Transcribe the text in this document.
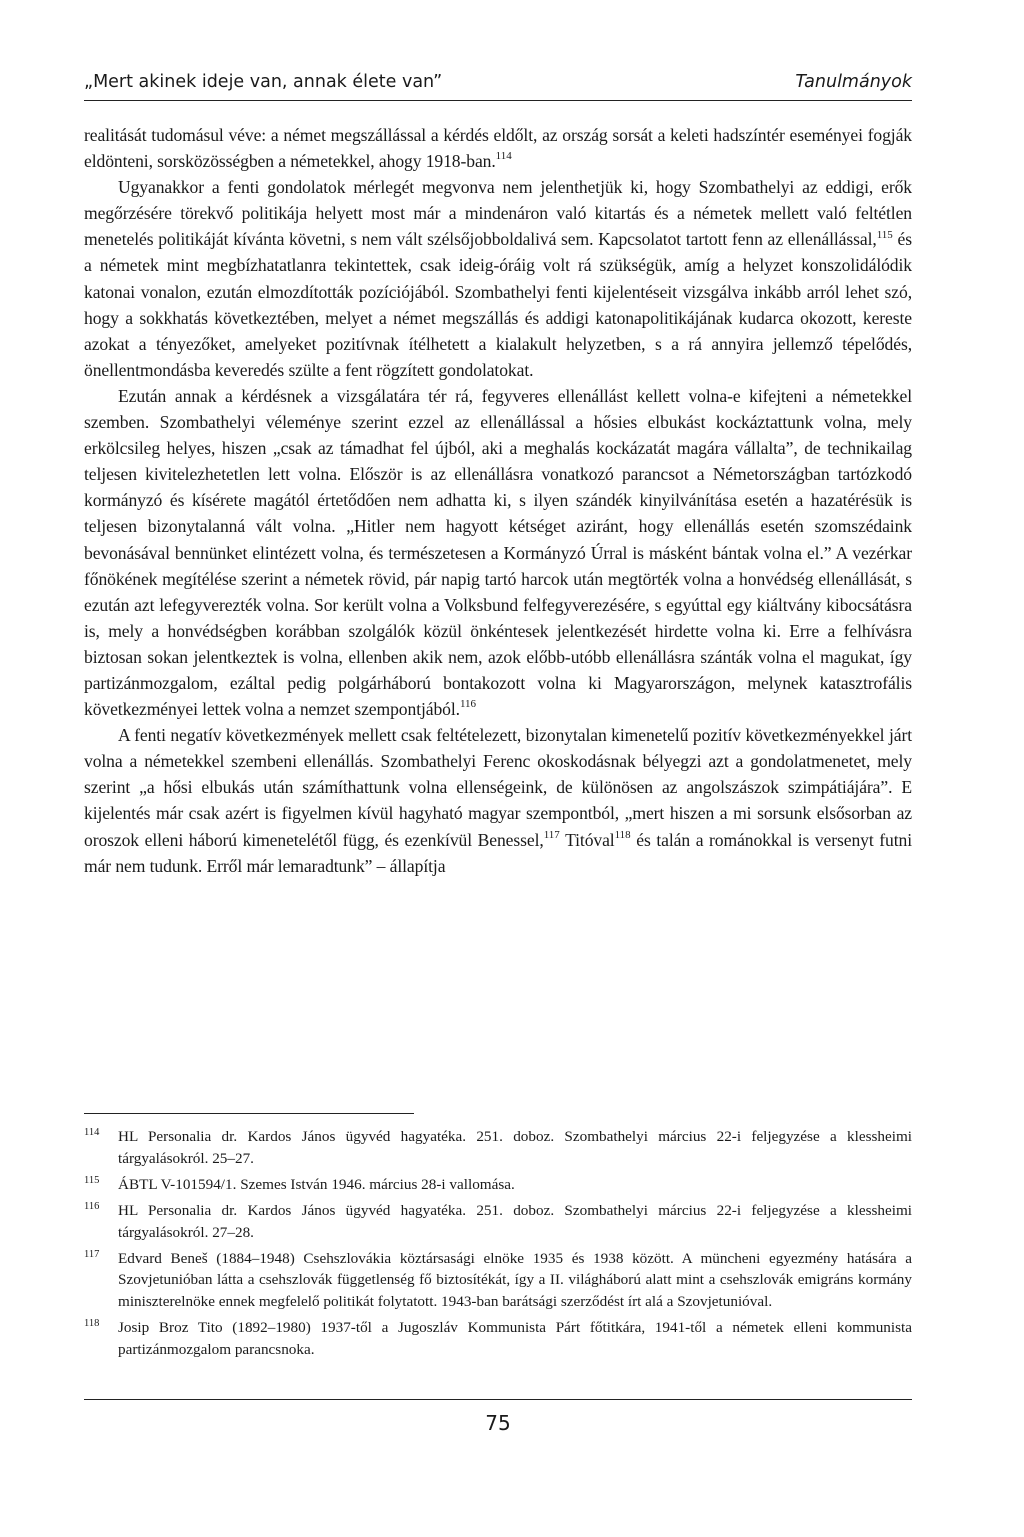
„Mert akinek ideje van, annak élete van”	Tanulmányok

realitását tudomásul véve: a német megszállással a kérdés eldőlt, az ország sorsát a keleti hadszíntér eseményei fogják eldönteni, sorsközösségben a németekkel, ahogy 1918-ban.$^{114}$

Ugyanakkor a fenti gondolatok mérlegét megvonva nem jelenthetjük ki, hogy Szombathelyi az eddigi, erők megőrzésére törekvő politikája helyett most már a mindenáron való kitartás és a németek mellett való feltétlen menetelés politikáját kívánta követni, s nem vált szélsőjobboldalivá sem. Kapcsolatot tartott fenn az ellenállással,$^{115}$ és a németek mint megbízhatatlanra tekintettek, csak ideig-óráig volt rá szükségük, amíg a helyzet konszolidálódik katonai vonalon, ezután elmozdították pozíciójából. Szombathelyi fenti kijelentéseit vizsgálva inkább arról lehet szó, hogy a sokkhatás következtében, melyet a német megszállás és addigi katonapolitikájának kudarca okozott, kereste azokat a tényezőket, amelyeket pozitívnak ítélhetett a kialakult helyzetben, s a rá annyira jellemző tépelődés, önellentmondásba keveredés szülte a fent rögzített gondolatokat.

Ezután annak a kérdésnek a vizsgálatára tér rá, fegyveres ellenállást kellett volna-e kifejteni a németekkel szemben. Szombathelyi véleménye szerint ezzel az ellenállással a hősies elbukást kockáztattunk volna, mely erkölcsileg helyes, hiszen „csak az támadhat fel újból, aki a meghalás kockázatát magára vállalta”, de technikailag teljesen kivitelezhetetlen lett volna. Először is az ellenállásra vonatkozó parancsot a Németországban tartózkodó kormányzó és kísérete magától értetődően nem adhatta ki, s ilyen szándék kinyilvánítása esetén a hazatérésük is teljesen bizonytalanná vált volna. „Hitler nem hagyott kétséget aziránt, hogy ellenállás esetén szomszédaink bevonásával bennünket elintézett volna, és természetesen a Kormányzó Úrral is másként bántak volna el.” A vezérkar főnökének megítélése szerint a németek rövid, pár napig tartó harcok után megtörték volna a honvédség ellenállását, s ezután azt lefegyverezték volna. Sor került volna a Volksbund felfegyverezésére, s egyúttal egy kiáltvány kibocsátásra is, mely a honvédségben korábban szolgálók közül önkéntesek jelentkezését hirdette volna ki. Erre a felhívásra biztosan sokan jelentkeztek is volna, ellenben akik nem, azok előbb-utóbb ellenállásra szánták volna el magukat, így partizánmozgalom, ezáltal pedig polgárháború bontakozott volna ki Magyarországon, melynek katasztrofális következményei lettek volna a nemzet szempontjából.$^{116}$

A fenti negatív következmények mellett csak feltételezett, bizonytalan kimenetelű pozitív következményekkel járt volna a németekkel szembeni ellenállás. Szombathelyi Ferenc okoskodásnak bélyegzi azt a gondolatmenetet, mely szerint „a hősi elbukás után számíthattunk volna ellenségeink, de különösen az angolszászok szimpátiájára”. E kijelentés már csak azért is figyelmen kívül hagyható magyar szempontból, „mert hiszen a mi sorsunk elsősorban az oroszok elleni háború kimenetelétől függ, és ezenkívül Benessel,$^{117}$ Titóval$^{118}$ és talán a románokkal is versenyt futni már nem tudunk. Erről már lemaradtunk” – állapítja

114	HL Personalia dr. Kardos János ügyvéd hagyatéka. 251. doboz. Szombathelyi március 22-i feljegyzése a klessheimi tárgyalásokról. 25–27.
115	ÁBTL V-101594/1. Szemes István 1946. március 28-i vallomása.
116	HL Personalia dr. Kardos János ügyvéd hagyatéka. 251. doboz. Szombathelyi március 22-i feljegyzése a klessheimi tárgyalásokról. 27–28.
117	Edvard Beneš (1884–1948) Csehszlovákia köztársasági elnöke 1935 és 1938 között. A müncheni egyezmény hatására a Szovjetunióban látta a csehszlovák függetlenség fő biztosítékát, így a II. világháború alatt mint a csehszlovák emigráns kormány miniszterelnöke ennek megfelelő politikát folytatott. 1943-ban barátsági szerződést írt alá a Szovjetunióval.
118	Josip Broz Tito (1892–1980) 1937-től a Jugoszláv Kommunista Párt főtitkára, 1941-től a németek elleni kommunista partizánmozgalom parancsnoka.
75
